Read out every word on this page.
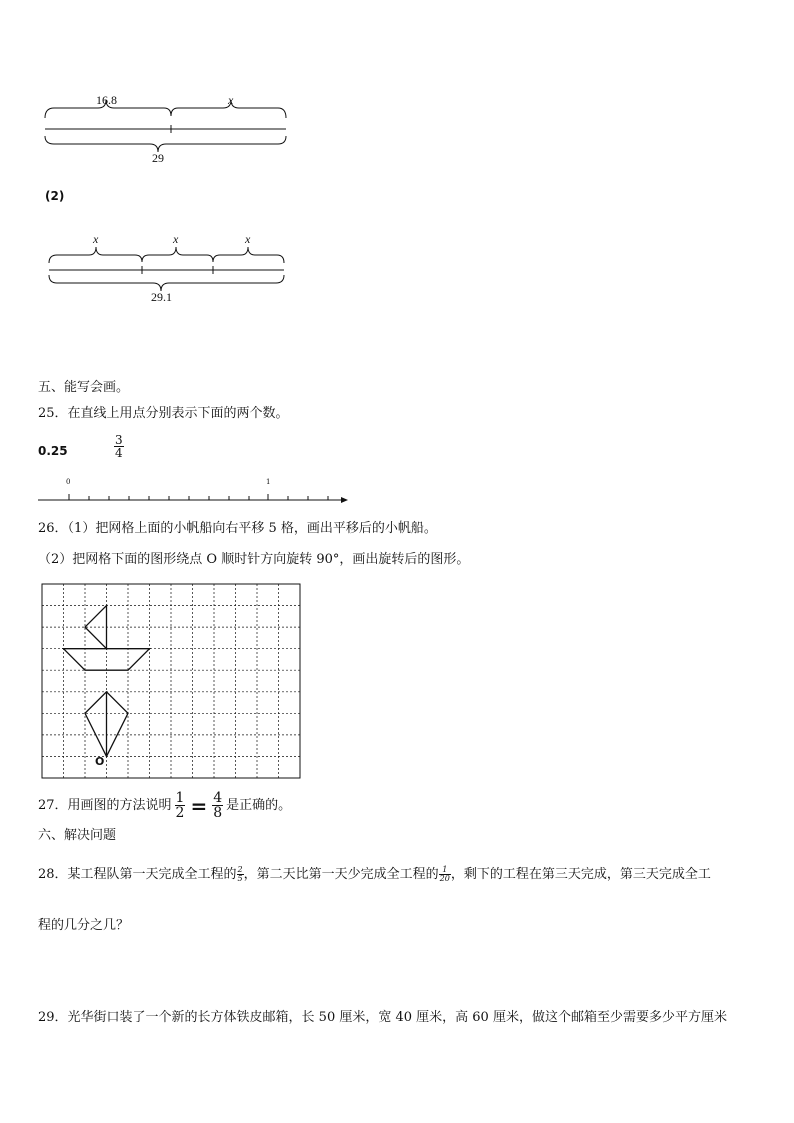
16.8	x
29
(2)
x	x	x
29.1
五、能写会画。
25．在直线上用点分别表示下面的两个数。
0.25	$\frac{3}{4}$
0	1
26．（1）把网格上面的小帆船向右平移 5 格，画出平移后的小帆船。
（2）把网格下面的图形绕点 O 顺时针方向旋转 90°，画出旋转后的图形。
O
27．用画图的方法说明 $\frac{1}{2} = \frac{4}{8}$ 是正确的。
六、解决问题
28．某工程队第一天完成全工程的 $\frac{2}{5}$ ，第二天比第一天少完成全工程的 $\frac{1}{20}$ ，剩下的工程在第三天完成，第三天完成全工
程的几分之几？
29．光华街口装了一个新的长方体铁皮邮箱，长 50 厘米，宽 40 厘米，高 60 厘米，做这个邮箱至少需要多少平方厘米
